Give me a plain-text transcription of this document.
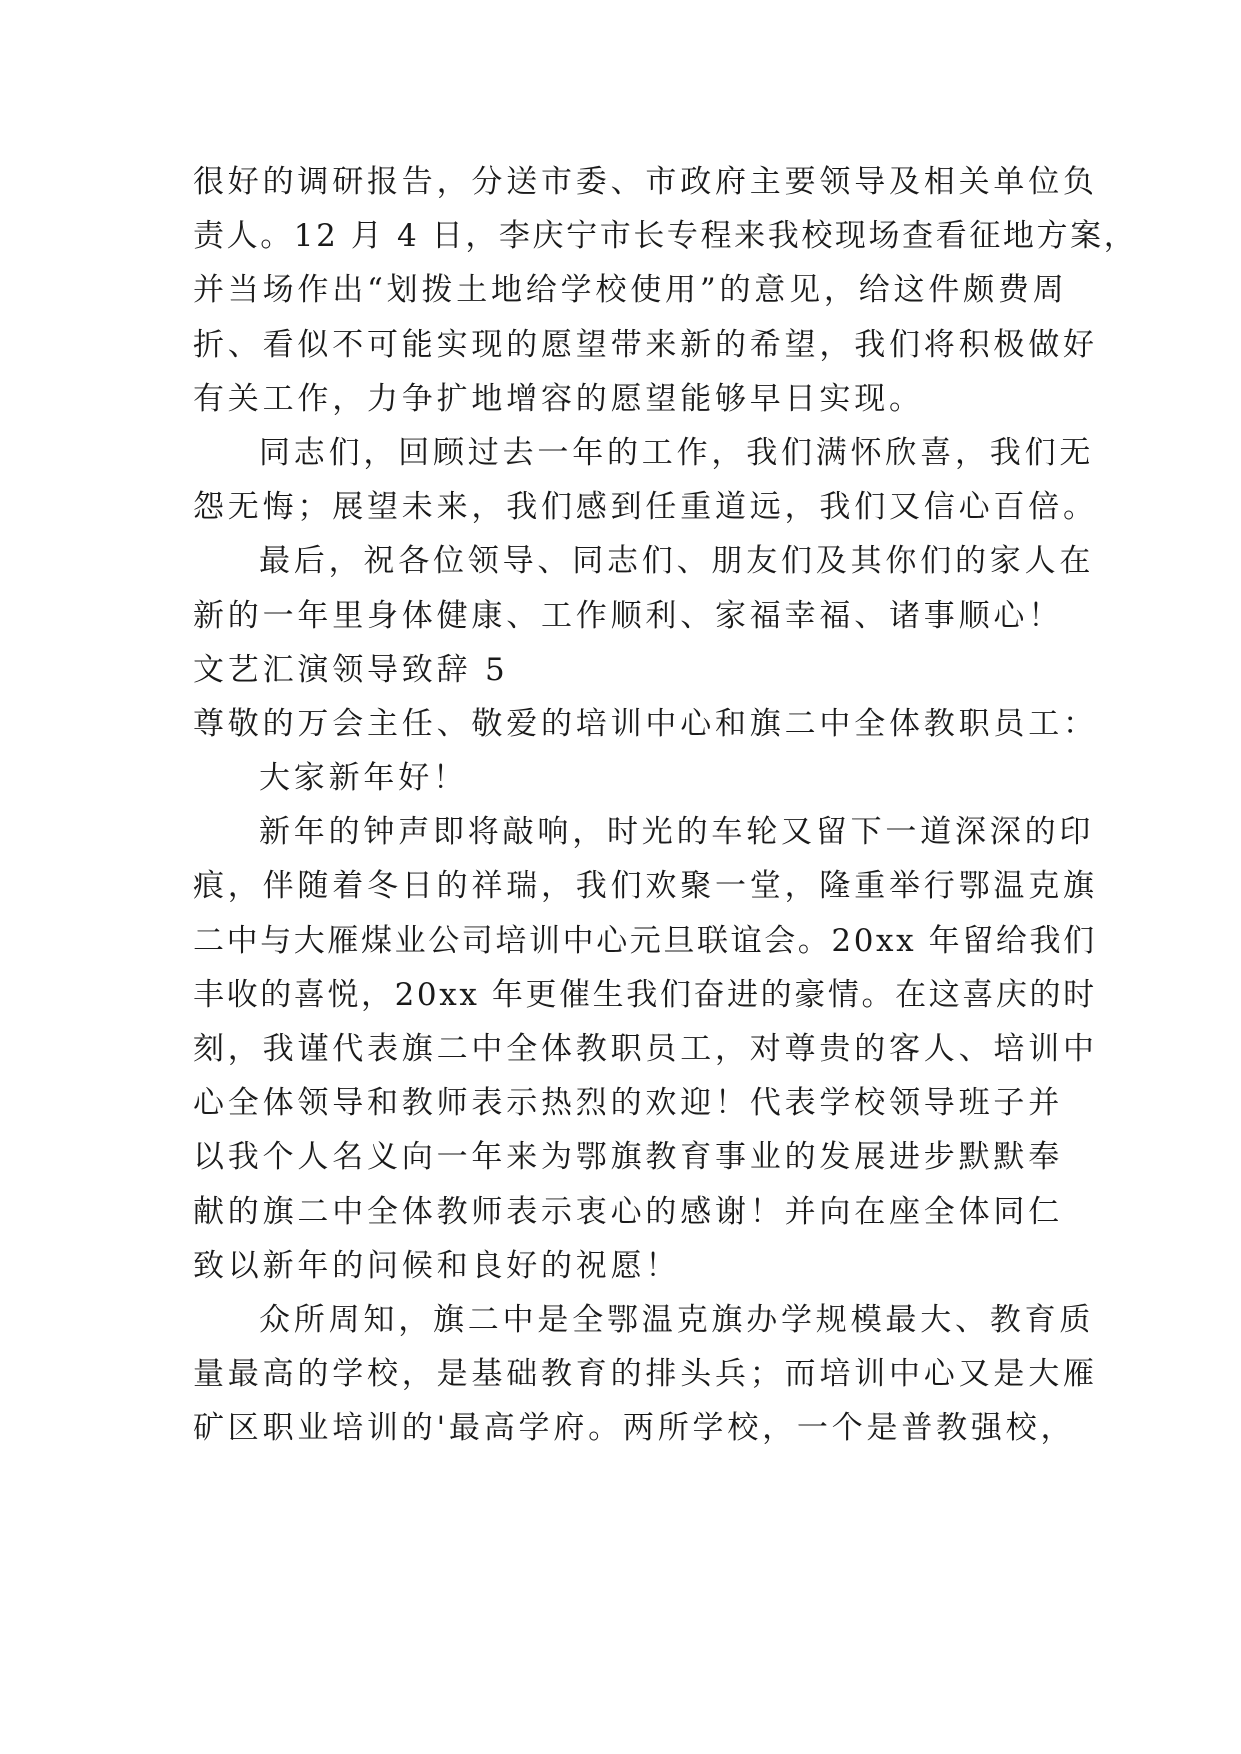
很好的调研报告，分送市委、市政府主要领导及相关单位负
责人。12 月 4 日，李庆宁市长专程来我校现场查看征地方案，
并当场作出“划拨土地给学校使用”的意见，给这件颇费周
折、看似不可能实现的愿望带来新的希望，我们将积极做好
有关工作，力争扩地增容的愿望能够早日实现。
同志们，回顾过去一年的工作，我们满怀欣喜，我们无
怨无悔；展望未来，我们感到任重道远，我们又信心百倍。
最后，祝各位领导、同志们、朋友们及其你们的家人在
新的一年里身体健康、工作顺利、家福幸福、诸事顺心！
文艺汇演领导致辞 5
尊敬的万会主任、敬爱的培训中心和旗二中全体教职员工：
大家新年好！
新年的钟声即将敲响，时光的车轮又留下一道深深的印
痕，伴随着冬日的祥瑞，我们欢聚一堂，隆重举行鄂温克旗
二中与大雁煤业公司培训中心元旦联谊会。20xx 年留给我们
丰收的喜悦，20xx 年更催生我们奋进的豪情。在这喜庆的时
刻，我谨代表旗二中全体教职员工，对尊贵的客人、培训中
心全体领导和教师表示热烈的欢迎！代表学校领导班子并
以我个人名义向一年来为鄂旗教育事业的发展进步默默奉
献的旗二中全体教师表示衷心的感谢！并向在座全体同仁
致以新年的问候和良好的祝愿！
众所周知，旗二中是全鄂温克旗办学规模最大、教育质
量最高的学校，是基础教育的排头兵；而培训中心又是大雁
矿区职业培训的'最高学府。两所学校，一个是普教强校，
